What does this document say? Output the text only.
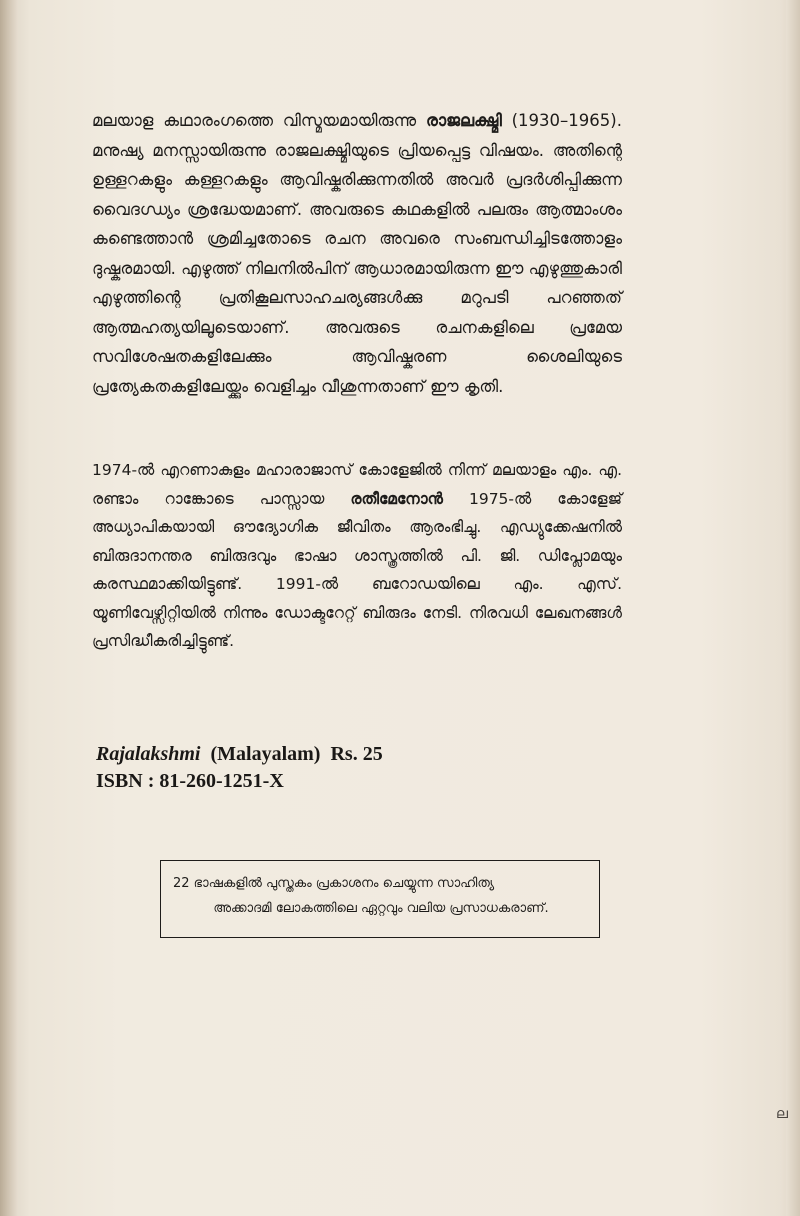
മലയാള കഥാരംഗത്തെ വിസ്മയമായിരുന്നു രാജലക്ഷ്മി (1930–1965). മനുഷ്യ മനസ്സായിരുന്നു രാജലക്ഷ്മിയുടെ പ്രിയപ്പെട്ട വിഷയം. അതിന്റെ ഉള്ളറകളും കള്ളറകളും ആവിഷ്കരിക്കുന്നതിൽ അവർ പ്രദർശിപ്പിക്കുന്ന വൈദഗ്ധ്യം ശ്രദ്ധേയമാണ്. അവരുടെ കഥകളിൽ പലരും ആത്മാംശം കണ്ടെത്താൻ ശ്രമിച്ചതോടെ രചന അവരെ സംബന്ധിച്ചിടത്തോളം ദുഷ്കരമായി. എഴുത്ത് നിലനിൽപിന് ആധാരമായിരുന്ന ഈ എഴുത്തുകാരി എഴുത്തിന്റെ പ്രതികൂലസാഹചര്യങ്ങൾക്കു മറുപടി പറഞ്ഞത് ആത്മഹത്യയിലൂടെയാണ്. അവരുടെ രചനകളിലെ പ്രമേയ സവിശേഷതകളിലേക്കും ആവിഷ്കരണ ശൈലിയുടെ പ്രത്യേകതകളിലേയ്ക്കും വെളിച്ചം വീശുന്നതാണ് ഈ കൃതി.

1974-ൽ എറണാകുളം മഹാരാജാസ് കോളേജിൽ നിന്ന് മലയാളം എം. എ. രണ്ടാം റാങ്കോടെ പാസ്സായ രതീമേനോൻ 1975-ൽ കോളേജ് അധ്യാപികയായി ഔദ്യോഗിക ജീവിതം ആരംഭിച്ചു. എഡ്യുക്കേഷനിൽ ബിരുദാനന്തര ബിരുദവും ഭാഷാ ശാസ്ത്രത്തിൽ പി. ജി. ഡിപ്ലോമയും കരസ്ഥമാക്കിയിട്ടുണ്ട്. 1991-ൽ ബറോഡയിലെ എം. എസ്. യൂണിവേഴ്സിറ്റിയിൽ നിന്നും ഡോക്ടറേറ്റ് ബിരുദം നേടി. നിരവധി ലേഖനങ്ങൾ പ്രസിദ്ധീകരിച്ചിട്ടുണ്ട്.

Rajalakshmi (Malayalam) Rs. 25
ISBN : 81-260-1251-X
22 ഭാഷകളിൽ പുസ്തകം പ്രകാശനം ചെയ്യുന്ന സാഹിത്യ
അക്കാദമി ലോകത്തിലെ ഏറ്റവും വലിയ പ്രസാധകരാണ്.
ല
